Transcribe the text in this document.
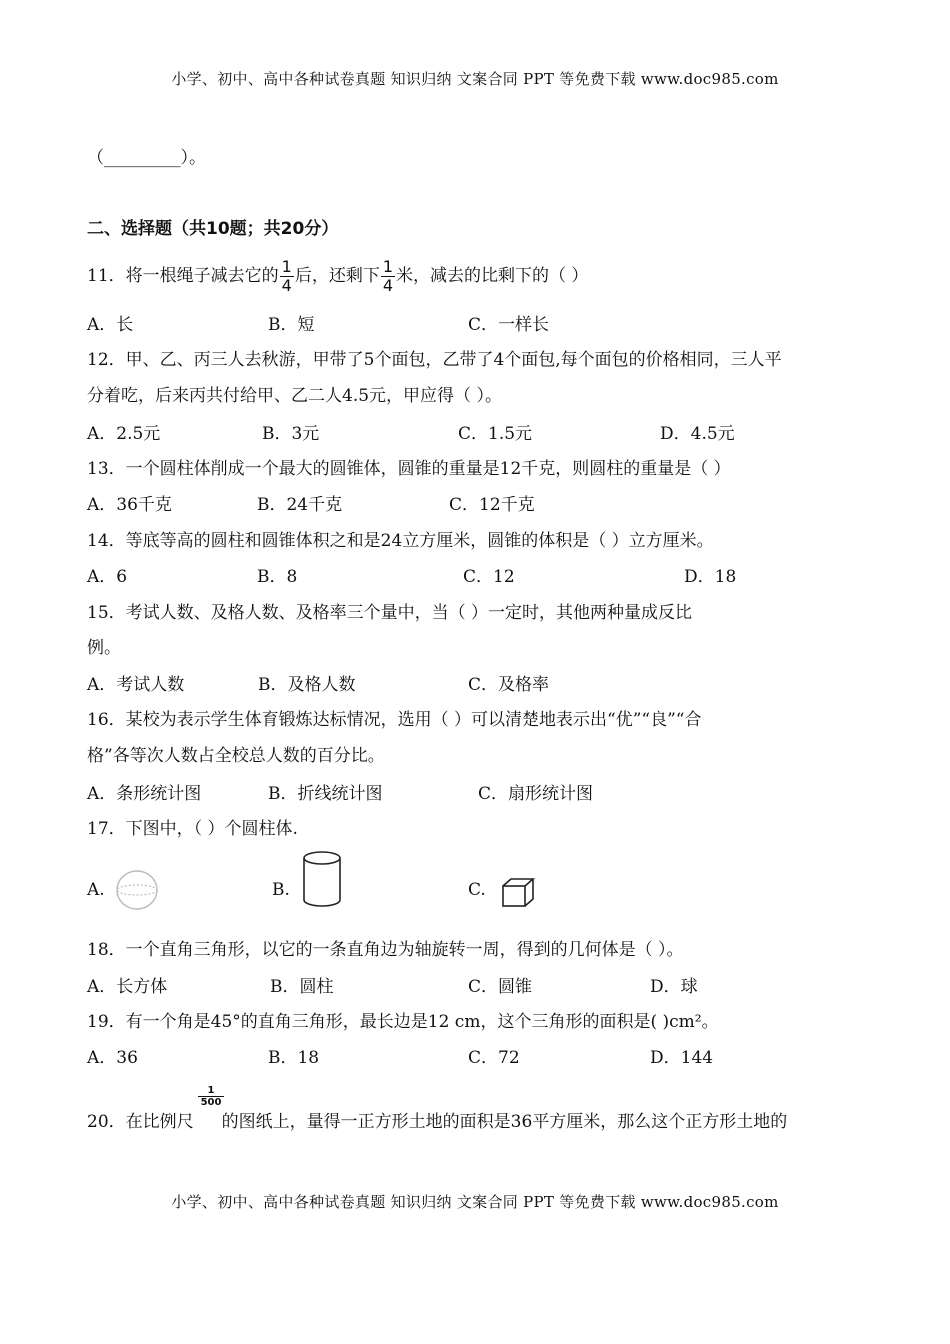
小学、初中、高中各种试卷真题 知识归纳 文案合同 PPT 等免费下载 www.doc985.com
（_________）。
二、选择题（共10题；共20分）
11．将一根绳子减去它的 $\frac{1}{4}$ 后，还剩下 $\frac{1}{4}$ 米，减去的比剩下的（ ）
A．长	B．短	C．一样长
12．甲、乙、丙三人去秋游，甲带了5个面包，乙带了4个面包,每个面包的价格相同，三人平
分着吃，后来丙共付给甲、乙二人4.5元，甲应得（ ）。
A．2.5元	B．3元	C．1.5元	D．4.5元
13．一个圆柱体削成一个最大的圆锥体，圆锥的重量是12千克，则圆柱的重量是（ ）
A．36千克	B．24千克	C．12千克
14．等底等高的圆柱和圆锥体积之和是24立方厘米，圆锥的体积是（ ）立方厘米。
A．6	B．8	C．12	D．18
15．考试人数、及格人数、及格率三个量中，当（ ）一定时，其他两种量成反比
例。
A．考试人数	B．及格人数	C．及格率
16．某校为表示学生体育锻炼达标情况，选用（ ）可以清楚地表示出“优”“良”“合
格”各等次人数占全校总人数的百分比。
A．条形统计图	B．折线统计图	C．扇形统计图
17．下图中，（ ）个圆柱体.
A.	B.	C.
18．一个直角三角形，以它的一条直角边为轴旋转一周，得到的几何体是（ ）。
A．长方体	B．圆柱	C．圆锥	D．球
19．有一个角是45°的直角三角形，最长边是12 cm，这个三角形的面积是( )cm²。
A．36	B．18	C．72	D．144
20．在比例尺 的图纸上，量得一正方形土地的面积是36平方厘米，那么这个正方形土地的
$\frac{1}{500}$
小学、初中、高中各种试卷真题 知识归纳 文案合同 PPT 等免费下载 www.doc985.com
